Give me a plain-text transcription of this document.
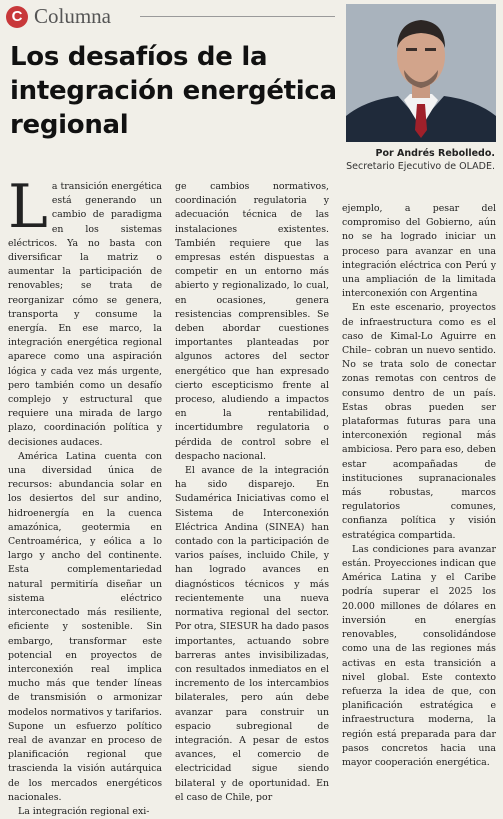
C Columna
Los desafíos de la integración energética regional
Por Andrés Rebolledo.
Secretario Ejecutivo de OLADE.
L a transición energética está generando un cambio de paradigma en los sistemas eléctricos. Ya no basta con diversificar la matriz o aumentar la participación de renovables; se trata de reorganizar cómo se genera, transporta y consume la energía. En ese marco, la integración energética regional aparece como una aspiración lógica y cada vez más urgente, pero también como un desafío complejo y estructural que requiere una mirada de largo plazo, coordinación política y decisiones audaces.

América Latina cuenta con una diversidad única de recursos: abundancia solar en los desiertos del sur andino, hidroenergía en la cuenca amazónica, geotermia en Centroamérica, y eólica a lo largo y ancho del continente. Esta complementariedad natural permitiría diseñar un sistema eléctrico interconectado más resiliente, eficiente y sostenible. Sin embargo, transformar este potencial en proyectos de interconexión real implica mucho más que tender líneas de transmisión o armonizar modelos normativos y tarifarios. Supone un esfuerzo político real de avanzar en proceso de planificación regional que trascienda la visión autárquica de los mercados energéticos nacionales.

La integración regional exi-

ge cambios normativos, coordinación regulatoria y adecuación técnica de las instalaciones existentes. También requiere que las empresas estén dispuestas a competir en un entorno más abierto y regionalizado, lo cual, en ocasiones, genera resistencias comprensibles. Se deben abordar cuestiones importantes planteadas por algunos actores del sector energético que han expresado cierto escepticismo frente al proceso, aludiendo a impactos en la rentabilidad, incertidumbre regulatoria o pérdida de control sobre el despacho nacional.

El avance de la integración ha sido disparejo. En Sudamérica Iniciativas como el Sistema de Interconexión Eléctrica Andina (SINEA) han contado con la participación de varios países, incluido Chile, y han logrado avances en diagnósticos técnicos y más recientemente una nueva normativa regional del sector. Por otra, SIESUR ha dado pasos importantes, actuando sobre barreras antes invisibilizadas, con resultados inmediatos en el incremento de los intercambios bilaterales, pero aún debe avanzar para construir un espacio subregional de integración. A pesar de estos avances, el comercio de electricidad sigue siendo bilateral y de oportunidad. En el caso de Chile, por

ejemplo, a pesar del compromiso del Gobierno, aún no se ha logrado iniciar un proceso para avanzar en una integración eléctrica con Perú y una ampliación de la limitada interconexión con Argentina

En este escenario, proyectos de infraestructura como es el caso de Kimal-Lo Aguirre en Chile– cobran un nuevo sentido. No se trata solo de conectar zonas remotas con centros de consumo dentro de un país. Estas obras pueden ser plataformas futuras para una interconexión regional más ambiciosa. Pero para eso, deben estar acompañadas de instituciones supranacionales más robustas, marcos regulatorios comunes, confianza política y visión estratégica compartida.

Las condiciones para avanzar están. Proyecciones indican que América Latina y el Caribe podría superar el 2025 los 20.000 millones de dólares en inversión en energías renovables, consolidándose como una de las regiones más activas en esta transición a nivel global. Este contexto refuerza la idea de que, con planificación estratégica e infraestructura moderna, la región está preparada para dar pasos concretos hacia una mayor cooperación energética.
